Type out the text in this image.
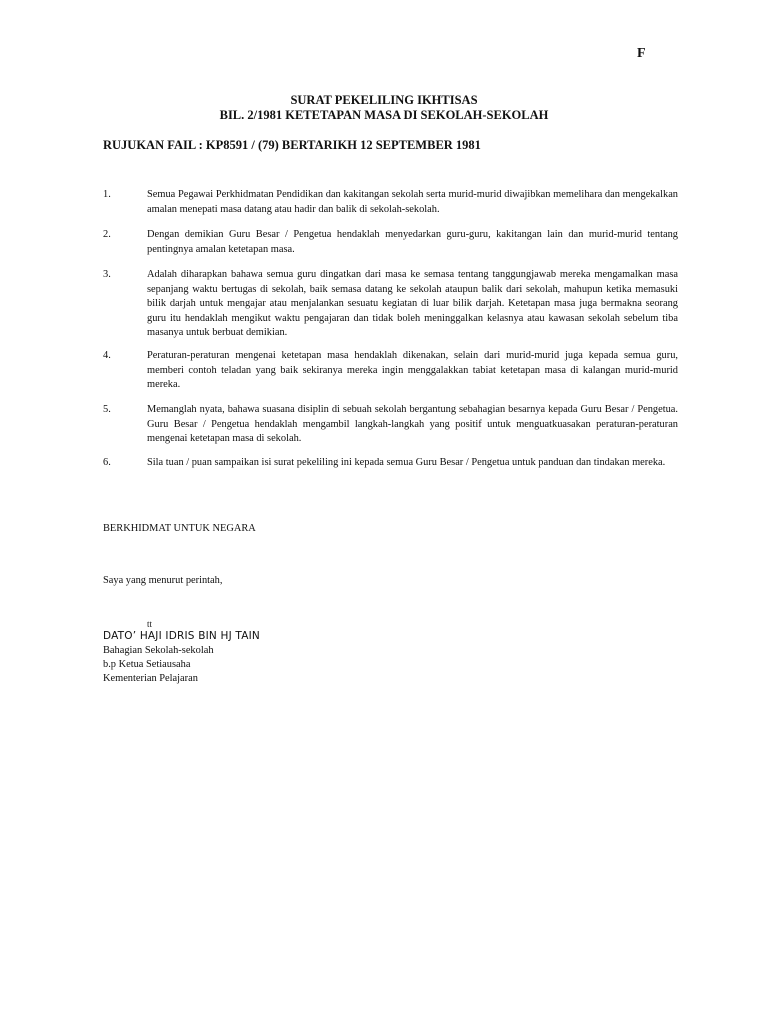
F
SURAT PEKELILING IKHTISAS
BIL. 2/1981 KETETAPAN MASA DI SEKOLAH-SEKOLAH
RUJUKAN FAIL : KP8591 / (79) BERTARIKH 12 SEPTEMBER 1981
1.	Semua Pegawai Perkhidmatan Pendidikan dan kakitangan sekolah serta murid-murid diwajibkan memelihara dan mengekalkan amalan menepati masa datang atau hadir dan balik di sekolah-sekolah.
2.	Dengan demikian Guru Besar / Pengetua hendaklah menyedarkan guru-guru, kakitangan lain dan murid-murid tentang pentingnya amalan ketetapan masa.
3.	Adalah diharapkan bahawa semua guru dingatkan dari masa ke semasa tentang tanggungjawab mereka mengamalkan masa sepanjang waktu bertugas di sekolah, baik semasa datang ke sekolah ataupun balik dari sekolah, mahupun ketika memasuki bilik darjah untuk mengajar atau menjalankan sesuatu kegiatan di luar bilik darjah. Ketetapan masa juga bermakna seorang guru itu hendaklah mengikut waktu pengajaran dan tidak boleh meninggalkan kelasnya atau kawasan sekolah sebelum tiba masanya untuk berbuat demikian.
4.	Peraturan-peraturan mengenai ketetapan masa hendaklah dikenakan, selain dari murid-murid juga kepada semua guru, memberi contoh teladan yang baik sekiranya mereka ingin menggalakkan tabiat ketetapan masa di kalangan murid-murid mereka.
5.	Memanglah nyata, bahawa suasana disiplin di sebuah sekolah bergantung sebahagian besarnya kepada Guru Besar / Pengetua. Guru Besar / Pengetua hendaklah mengambil langkah-langkah yang positif untuk menguatkuasakan peraturan-peraturan mengenai ketetapan masa di sekolah.
6.	Sila tuan / puan sampaikan isi surat pekeliling ini kepada semua Guru Besar / Pengetua untuk panduan dan tindakan mereka.
BERKHIDMAT UNTUK NEGARA
Saya yang menurut perintah,
tt
DATO’ HAJI IDRIS BIN HJ TAIN
Bahagian Sekolah-sekolah
b.p Ketua Setiausaha
Kementerian Pelajaran
